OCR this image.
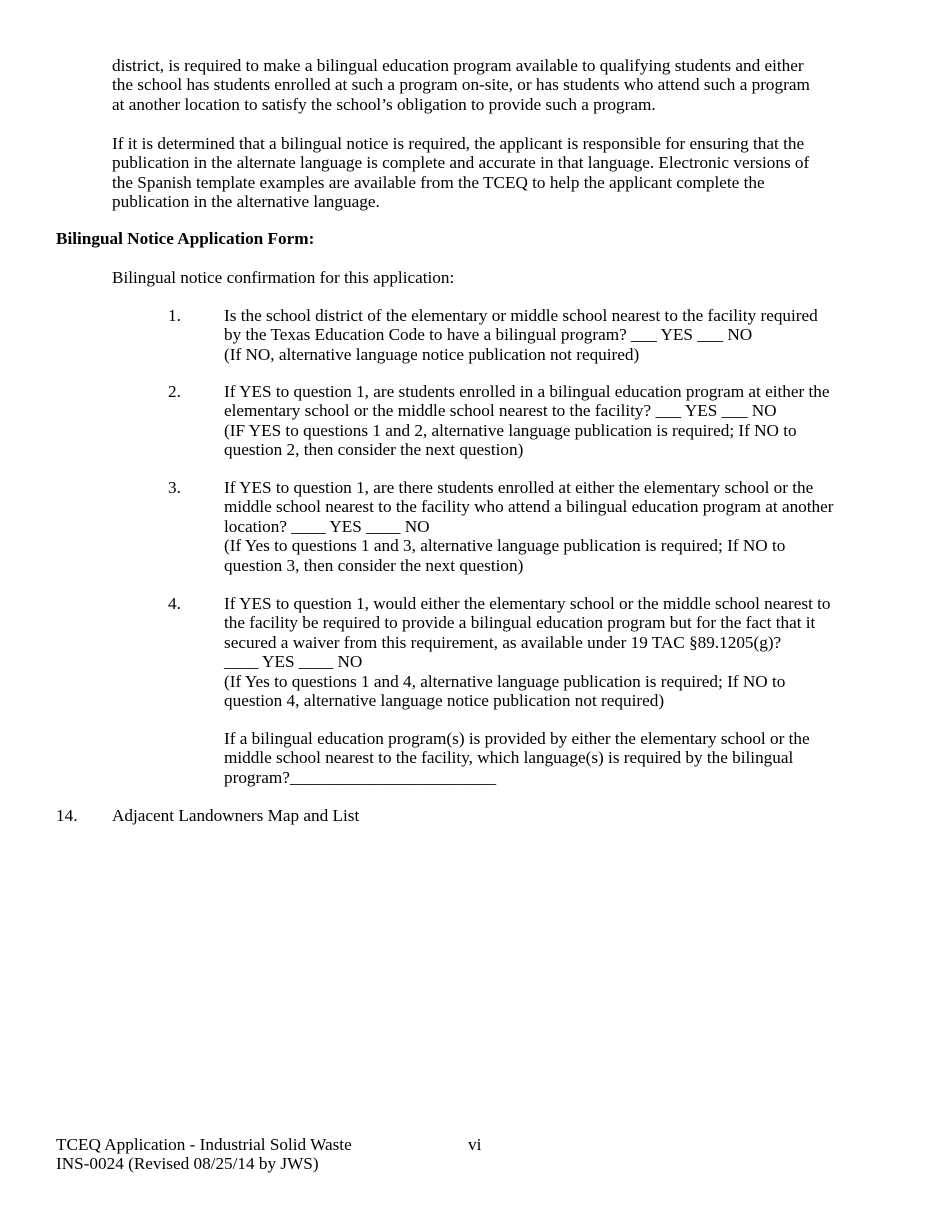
district, is required to make a bilingual education program available to qualifying students and either
the school has students enrolled at such a program on-site, or has students who attend such a program
at another location to satisfy the school’s obligation to provide such a program.
If it is determined that a bilingual notice is required, the applicant is responsible for ensuring that the
publication in the alternate language is complete and accurate in that language. Electronic versions of
the Spanish template examples are available from the TCEQ to help the applicant complete the
publication in the alternative language.
Bilingual Notice Application Form:
Bilingual notice confirmation for this application:
1.	Is the school district of the elementary or middle school nearest to the facility required
by the Texas Education Code to have a bilingual program? ___ YES ___ NO
(If NO, alternative language notice publication not required)
2.	If YES to question 1, are students enrolled in a bilingual education program at either the
elementary school or the middle school nearest to the facility? ___ YES ___ NO
(IF YES to questions 1 and 2, alternative language publication is required; If NO to
question 2, then consider the next question)
3.	If YES to question 1, are there students enrolled at either the elementary school or the
middle school nearest to the facility who attend a bilingual education program at another
location? ____ YES ____ NO
(If Yes to questions 1 and 3, alternative language publication is required; If NO to
question 3, then consider the next question)
4.	If YES to question 1, would either the elementary school or the middle school nearest to
the facility be required to provide a bilingual education program but for the fact that it
secured a waiver from this requirement, as available under 19 TAC §89.1205(g)?
____ YES ____ NO
(If Yes to questions 1 and 4, alternative language publication is required; If NO to
question 4, alternative language notice publication not required)
If a bilingual education program(s) is provided by either the elementary school or the
middle school nearest to the facility, which language(s) is required by the bilingual
program?________________________
14. Adjacent Landowners Map and List
TCEQ Application - Industrial Solid Waste
INS-0024 (Revised 08/25/14 by JWS)
vi
